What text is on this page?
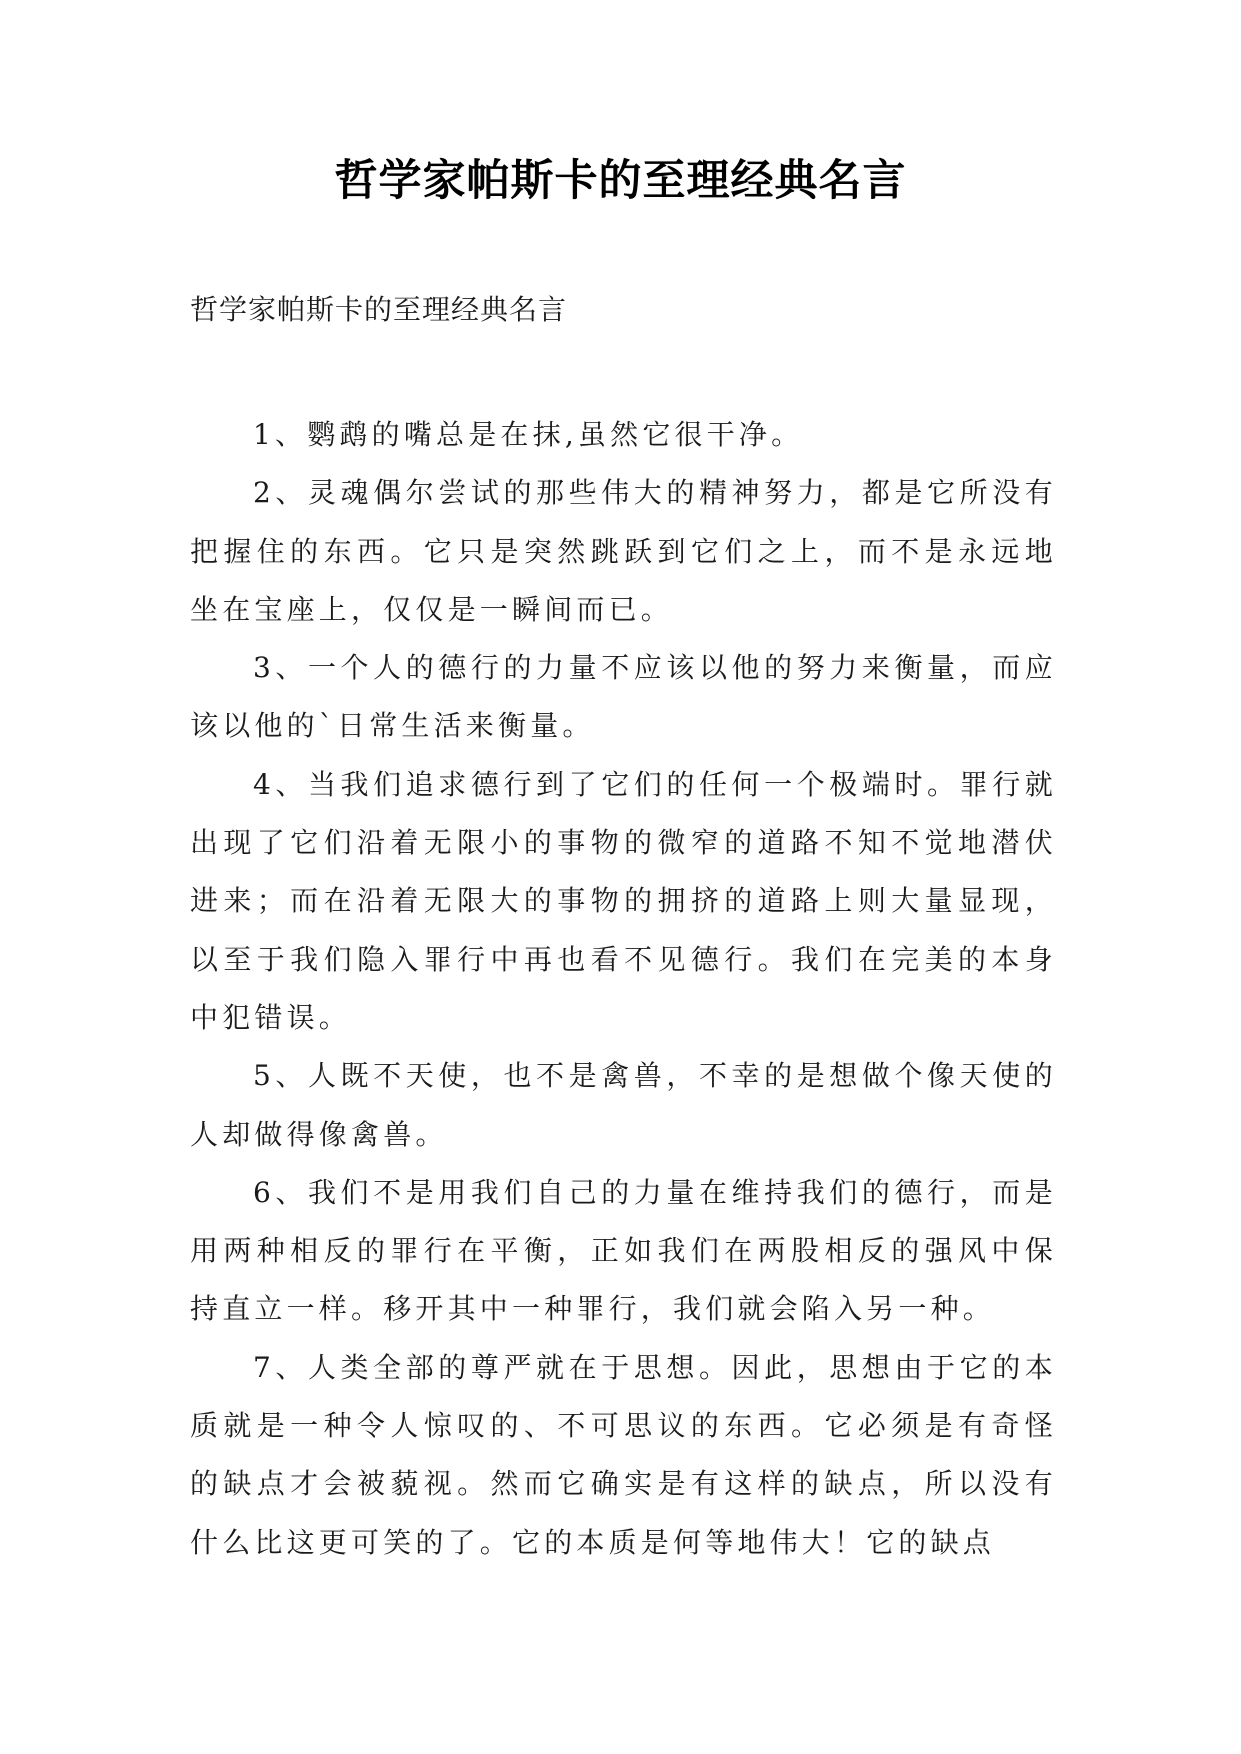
哲学家帕斯卡的至理经典名言

哲学家帕斯卡的至理经典名言

1、鹦鹉的嘴总是在抹,虽然它很干净。

2、灵魂偶尔尝试的那些伟大的精神努力，都是它所没有把握住的东西。它只是突然跳跃到它们之上，而不是永远地坐在宝座上，仅仅是一瞬间而已。

3、一个人的德行的力量不应该以他的努力来衡量，而应该以他的`日常生活来衡量。

4、当我们追求德行到了它们的任何一个极端时。罪行就出现了它们沿着无限小的事物的微窄的道路不知不觉地潜伏进来；而在沿着无限大的事物的拥挤的道路上则大量显现，以至于我们隐入罪行中再也看不见德行。我们在完美的本身中犯错误。

5、人既不天使，也不是禽兽，不幸的是想做个像天使的人却做得像禽兽。

6、我们不是用我们自己的力量在维持我们的德行，而是用两种相反的罪行在平衡，正如我们在两股相反的强风中保持直立一样。移开其中一种罪行，我们就会陷入另一种。

7、人类全部的尊严就在于思想。因此，思想由于它的本质就是一种令人惊叹的、不可思议的东西。它必须是有奇怪的缺点才会被藐视。然而它确实是有这样的缺点，所以没有什么比这更可笑的了。它的本质是何等地伟大！它的缺点
